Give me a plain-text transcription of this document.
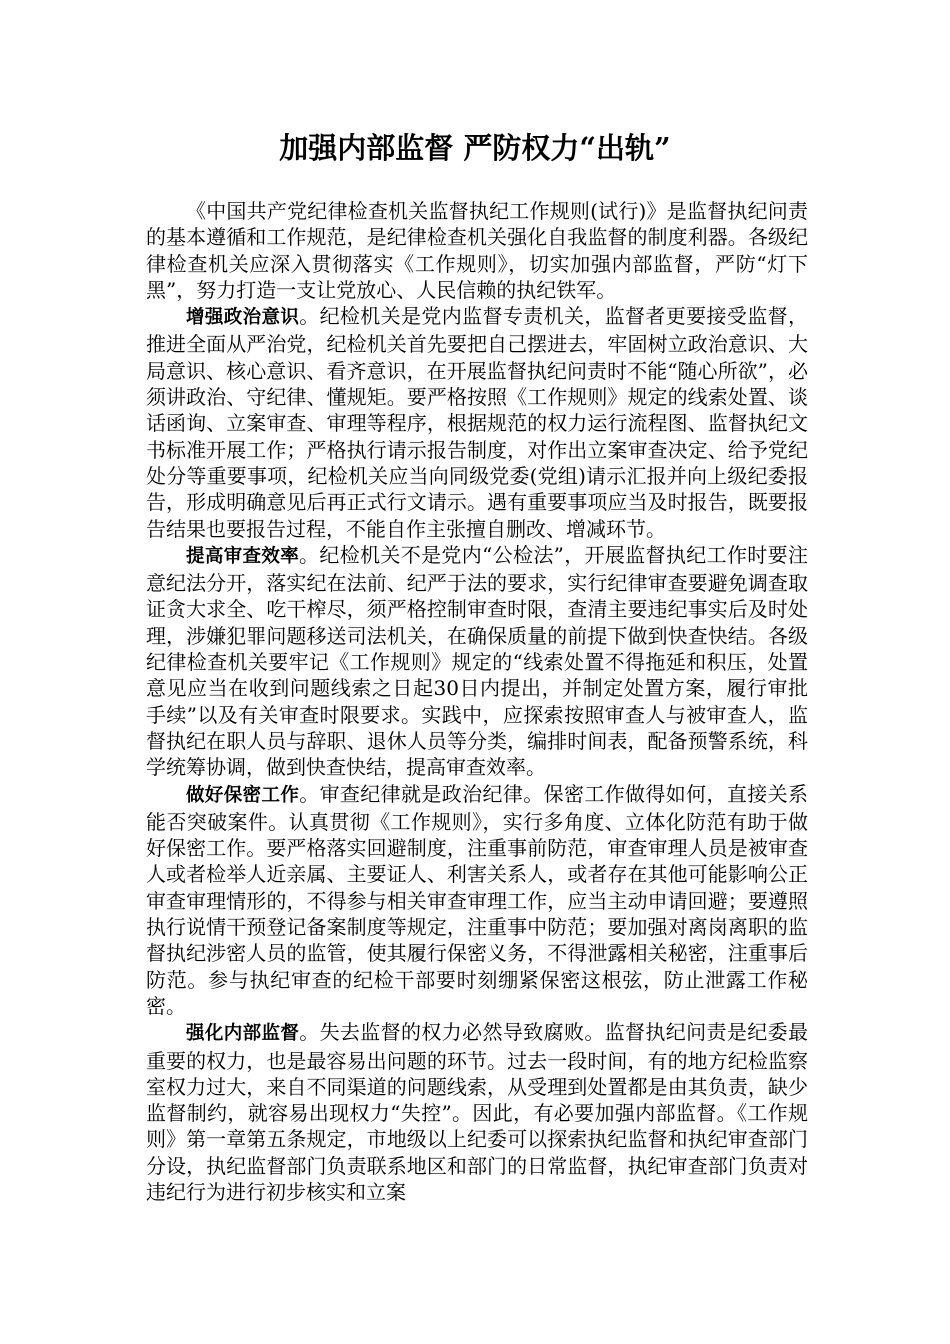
加强内部监督 严防权力“出轨”

《中国共产党纪律检查机关监督执纪工作规则(试行)》是监督执纪问责的基本遵循和工作规范，是纪律检查机关强化自我监督的制度利器。各级纪律检查机关应深入贯彻落实《工作规则》，切实加强内部监督，严防“灯下黑”，努力打造一支让党放心、人民信赖的执纪铁军。

增强政治意识。纪检机关是党内监督专责机关，监督者更要接受监督，推进全面从严治党，纪检机关首先要把自己摆进去，牢固树立政治意识、大局意识、核心意识、看齐意识，在开展监督执纪问责时不能“随心所欲”，必须讲政治、守纪律、懂规矩。要严格按照《工作规则》规定的线索处置、谈话函询、立案审查、审理等程序，根据规范的权力运行流程图、监督执纪文书标准开展工作；严格执行请示报告制度，对作出立案审查决定、给予党纪处分等重要事项，纪检机关应当向同级党委(党组)请示汇报并向上级纪委报告，形成明确意见后再正式行文请示。遇有重要事项应当及时报告，既要报告结果也要报告过程，不能自作主张擅自删改、增减环节。

提高审查效率。纪检机关不是党内“公检法”，开展监督执纪工作时要注意纪法分开，落实纪在法前、纪严于法的要求，实行纪律审查要避免调查取证贪大求全、吃干榨尽，须严格控制审查时限，查清主要违纪事实后及时处理，涉嫌犯罪问题移送司法机关，在确保质量的前提下做到快查快结。各级纪律检查机关要牢记《工作规则》规定的“线索处置不得拖延和积压，处置意见应当在收到问题线索之日起30日内提出，并制定处置方案，履行审批手续”以及有关审查时限要求。实践中，应探索按照审查人与被审查人，监督执纪在职人员与辞职、退休人员等分类，编排时间表，配备预警系统，科学统筹协调，做到快查快结，提高审查效率。

做好保密工作。审查纪律就是政治纪律。保密工作做得如何，直接关系能否突破案件。认真贯彻《工作规则》，实行多角度、立体化防范有助于做好保密工作。要严格落实回避制度，注重事前防范，审查审理人员是被审查人或者检举人近亲属、主要证人、利害关系人，或者存在其他可能影响公正审查审理情形的，不得参与相关审查审理工作，应当主动申请回避；要遵照执行说情干预登记备案制度等规定，注重事中防范；要加强对离岗离职的监督执纪涉密人员的监管，使其履行保密义务，不得泄露相关秘密，注重事后防范。参与执纪审查的纪检干部要时刻绷紧保密这根弦，防止泄露工作秘密。

强化内部监督。失去监督的权力必然导致腐败。监督执纪问责是纪委最重要的权力，也是最容易出问题的环节。过去一段时间，有的地方纪检监察室权力过大，来自不同渠道的问题线索，从受理到处置都是由其负责，缺少监督制约，就容易出现权力“失控”。因此，有必要加强内部监督。《工作规则》第一章第五条规定，市地级以上纪委可以探索执纪监督和执纪审查部门分设，执纪监督部门负责联系地区和部门的日常监督，执纪审查部门负责对违纪行为进行初步核实和立案
